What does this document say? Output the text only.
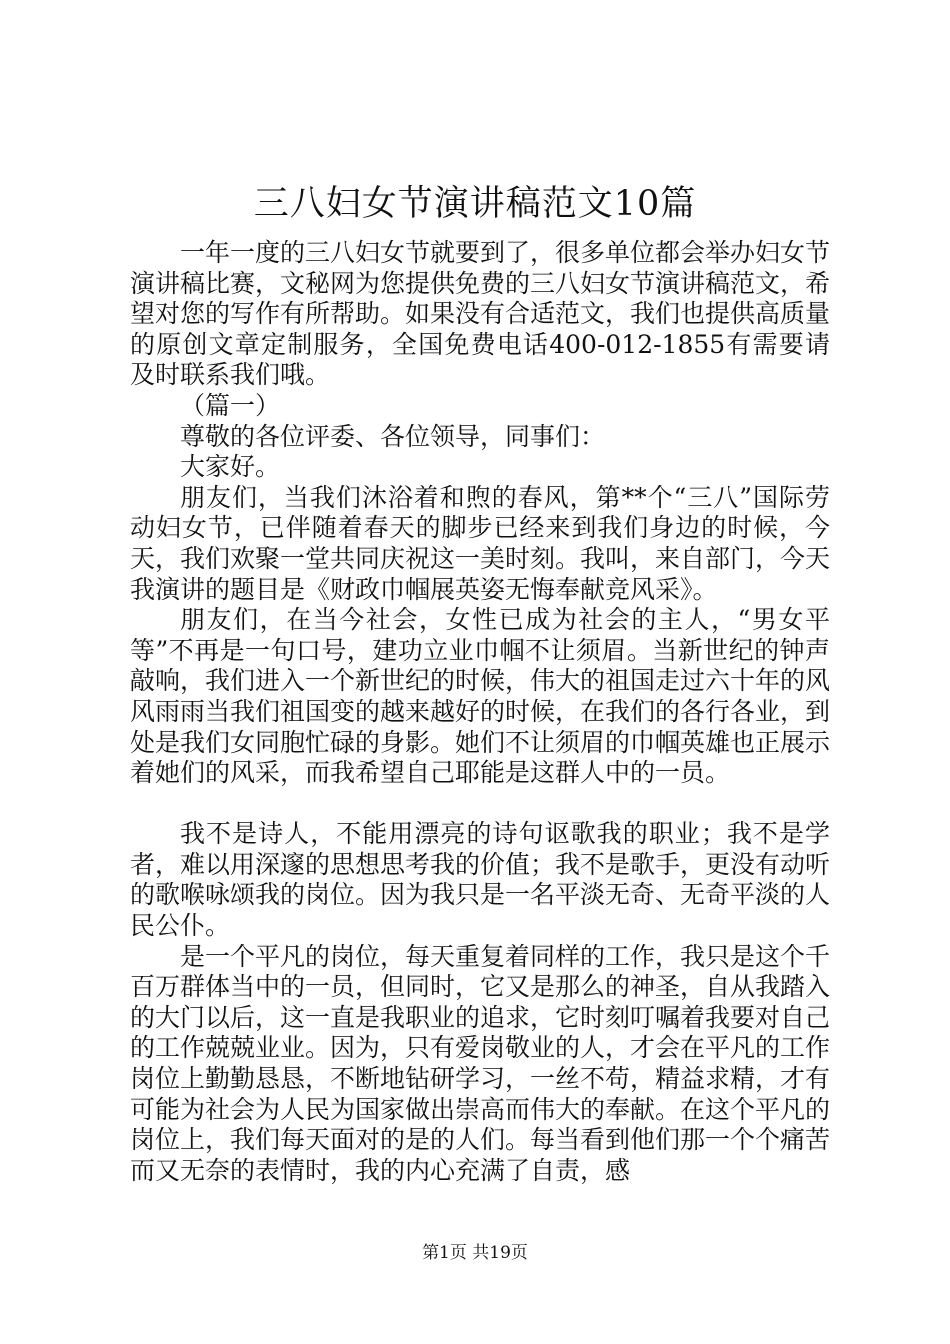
三八妇女节演讲稿范文10篇

一年一度的三八妇女节就要到了，很多单位都会举办妇女节演讲稿比赛，文秘网为您提供免费的三八妇女节演讲稿范文，希望对您的写作有所帮助。如果没有合适范文，我们也提供高质量的原创文章定制服务，全国免费电话400-012-1855有需要请及时联系我们哦。

（篇一）

尊敬的各位评委、各位领导，同事们：

大家好。

朋友们，当我们沐浴着和煦的春风，第**个“三八”国际劳动妇女节，已伴随着春天的脚步已经来到我们身边的时候，今天，我们欢聚一堂共同庆祝这一美时刻。我叫，来自部门，今天我演讲的题目是《财政巾帼展英姿无悔奉献竞风采》。

朋友们，在当今社会，女性已成为社会的主人，“男女平等”不再是一句口号，建功立业巾帼不让须眉。当新世纪的钟声敲响，我们进入一个新世纪的时候，伟大的祖国走过六十年的风风雨雨当我们祖国变的越来越好的时候，在我们的各行各业，到处是我们女同胞忙碌的身影。她们不让须眉的巾帼英雄也正展示着她们的风采，而我希望自己耶能是这群人中的一员。

我不是诗人，不能用漂亮的诗句讴歌我的职业；我不是学者，难以用深邃的思想思考我的价值；我不是歌手，更没有动听的歌喉咏颂我的岗位。因为我只是一名平淡无奇、无奇平淡的人民公仆。

是一个平凡的岗位，每天重复着同样的工作，我只是这个千百万群体当中的一员，但同时，它又是那么的神圣，自从我踏入的大门以后，这一直是我职业的追求，它时刻叮嘱着我要对自己的工作兢兢业业。因为，只有爱岗敬业的人，才会在平凡的工作岗位上勤勤恳恳，不断地钻研学习，一丝不苟，精益求精，才有可能为社会为人民为国家做出崇高而伟大的奉献。在这个平凡的岗位上，我们每天面对的是的人们。每当看到他们那一个个痛苦而又无奈的表情时，我的内心充满了自责，感

第1页 共19页
